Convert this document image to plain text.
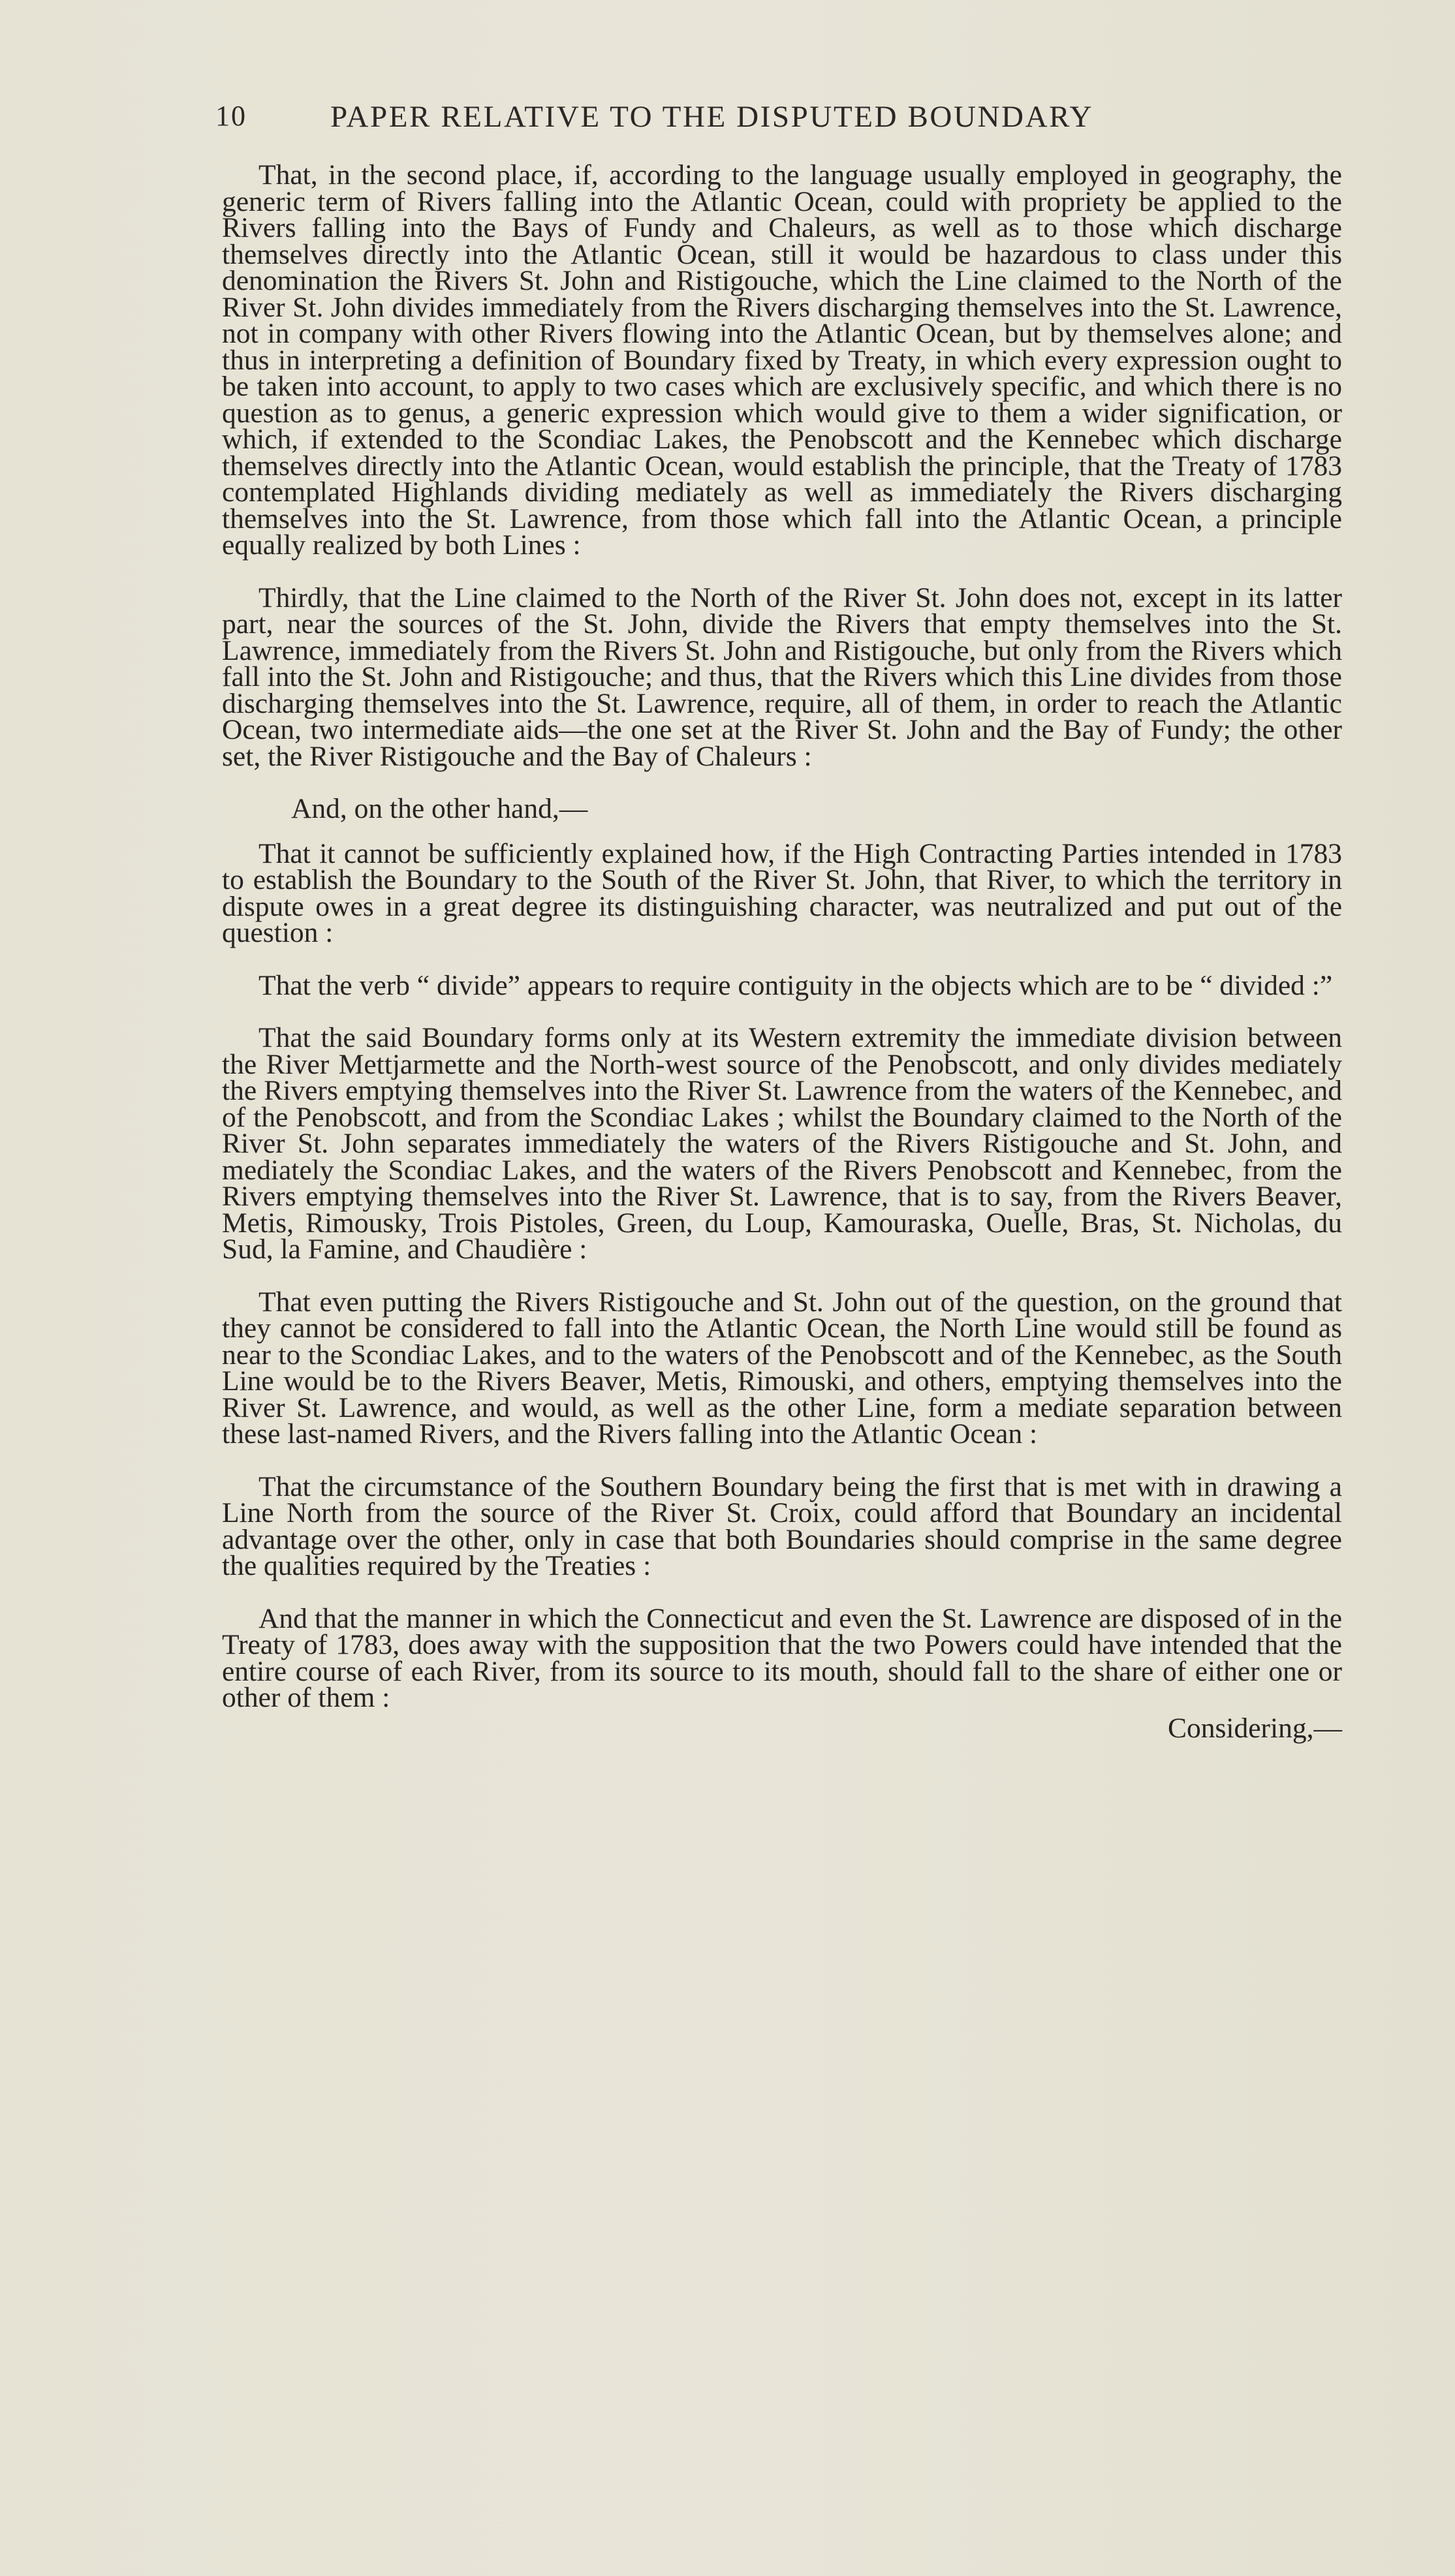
10	PAPER RELATIVE TO THE DISPUTED BOUNDARY

That, in the second place, if, according to the language usually employed in geography, the generic term of Rivers falling into the Atlantic Ocean, could with propriety be applied to the Rivers falling into the Bays of Fundy and Chaleurs, as well as to those which discharge themselves directly into the Atlantic Ocean, still it would be hazardous to class under this denomination the Rivers St. John and Ristigouche, which the Line claimed to the North of the River St. John divides immediately from the Rivers discharging themselves into the St. Lawrence, not in company with other Rivers flowing into the Atlantic Ocean, but by themselves alone; and thus in interpreting a definition of Boundary fixed by Treaty, in which every expression ought to be taken into account, to apply to two cases which are exclusively specific, and which there is no question as to genus, a generic expression which would give to them a wider signification, or which, if extended to the Scondiac Lakes, the Penobscott and the Kennebec which discharge themselves directly into the Atlantic Ocean, would establish the principle, that the Treaty of 1783 contemplated Highlands dividing mediately as well as immediately the Rivers discharging themselves into the St. Lawrence, from those which fall into the Atlantic Ocean, a principle equally realized by both Lines :

Thirdly, that the Line claimed to the North of the River St. John does not, except in its latter part, near the sources of the St. John, divide the Rivers that empty themselves into the St. Lawrence, immediately from the Rivers St. John and Ristigouche, but only from the Rivers which fall into the St. John and Ristigouche; and thus, that the Rivers which this Line divides from those discharging themselves into the St. Lawrence, require, all of them, in order to reach the Atlantic Ocean, two intermediate aids—the one set at the River St. John and the Bay of Fundy; the other set, the River Ristigouche and the Bay of Chaleurs :

And, on the other hand,—

That it cannot be sufficiently explained how, if the High Contracting Parties intended in 1783 to establish the Boundary to the South of the River St. John, that River, to which the territory in dispute owes in a great degree its distinguishing character, was neutralized and put out of the question :

That the verb “ divide” appears to require contiguity in the objects which are to be “ divided :”

That the said Boundary forms only at its Western extremity the immediate division between the River Mettjarmette and the North-west source of the Penobscott, and only divides mediately the Rivers emptying themselves into the River St. Lawrence from the waters of the Kennebec, and of the Penobscott, and from the Scondiac Lakes ; whilst the Boundary claimed to the North of the River St. John separates immediately the waters of the Rivers Ristigouche and St. John, and mediately the Scondiac Lakes, and the waters of the Rivers Penobscott and Kennebec, from the Rivers emptying themselves into the River St. Lawrence, that is to say, from the Rivers Beaver, Metis, Rimousky, Trois Pistoles, Green, du Loup, Kamouraska, Ouelle, Bras, St. Nicholas, du Sud, la Famine, and Chaudière :

That even putting the Rivers Ristigouche and St. John out of the question, on the ground that they cannot be considered to fall into the Atlantic Ocean, the North Line would still be found as near to the Scondiac Lakes, and to the waters of the Penobscott and of the Kennebec, as the South Line would be to the Rivers Beaver, Metis, Rimouski, and others, emptying themselves into the River St. Lawrence, and would, as well as the other Line, form a mediate separation between these last-named Rivers, and the Rivers falling into the Atlantic Ocean :

That the circumstance of the Southern Boundary being the first that is met with in drawing a Line North from the source of the River St. Croix, could afford that Boundary an incidental advantage over the other, only in case that both Boundaries should comprise in the same degree the qualities required by the Treaties :

And that the manner in which the Connecticut and even the St. Lawrence are disposed of in the Treaty of 1783, does away with the supposition that the two Powers could have intended that the entire course of each River, from its source to its mouth, should fall to the share of either one or other of them :

Considering,—
